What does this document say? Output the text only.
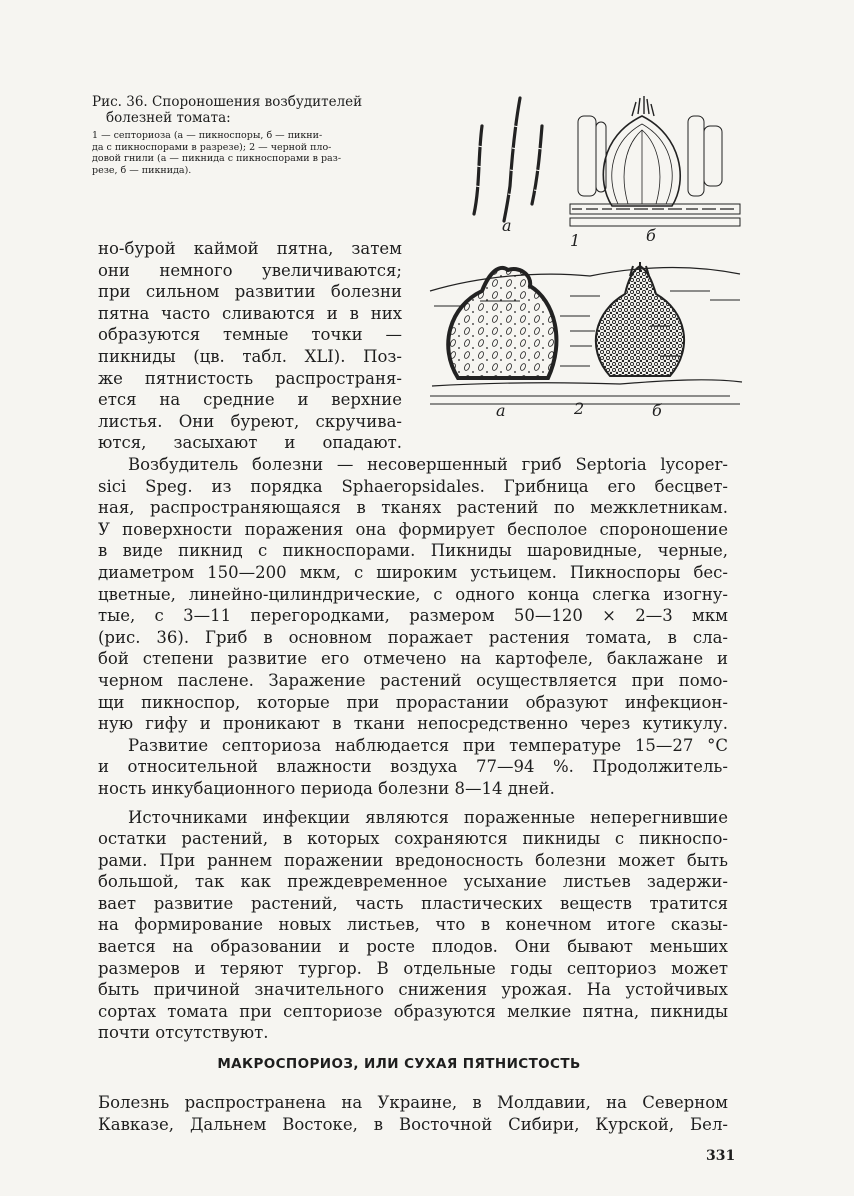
Рис. 36. Спороношения возбудителей
болезней томата:
1 — септориоза (а — пикноспоры, б — пикни-
да с пикноспорами в разрезе); 2 — черной пло-
довой гнили (а — пикнида с пикноспорами в раз-
резе, б — пикнида).
а
1	б
а	2	б
но-бурой каймой пятна, затем
они немного увеличиваются;
при сильном развитии болезни
пятна часто сливаются и в них
образуются темные точки —
пикниды (цв. табл. XLI). Поз-
же пятнистость распространя-
ется на средние и верхние
листья. Они буреют, скручива-
ются, засыхают и опадают.
Возбудитель болезни — несовершенный гриб Septoria lycoper-
sici Speg. из порядка Sphaeropsidales. Грибница его бесцвет-
ная, распространяющаяся в тканях растений по межклетникам.
У поверхности поражения она формирует бесполое спороношение
в виде пикнид с пикноспорами. Пикниды шаровидные, черные,
диаметром 150—200 мкм, с широким устьицем. Пикноспоры бес-
цветные, линейно-цилиндрические, с одного конца слегка изогну-
тые, с 3—11 перегородками, размером 50—120 × 2—3 мкм
(рис. 36). Гриб в основном поражает растения томата, в сла-
бой степени развитие его отмечено на картофеле, баклажане и
черном паслене. Заражение растений осуществляется при помо-
щи пикноспор, которые при прорастании образуют инфекцион-
ную гифу и проникают в ткани непосредственно через кутикулу.
Развитие септориоза наблюдается при температуре 15—27 °С
и относительной влажности воздуха 77—94 %. Продолжитель-
ность инкубационного периода болезни 8—14 дней.
Источниками инфекции являются пораженные неперегнившие
остатки растений, в которых сохраняются пикниды с пикноспо-
рами. При раннем поражении вредоносность болезни может быть
большой, так как преждевременное усыхание листьев задержи-
вает развитие растений, часть пластических веществ тратится
на формирование новых листьев, что в конечном итоге сказы-
вается на образовании и росте плодов. Они бывают меньших
размеров и теряют тургор. В отдельные годы септориоз может
быть причиной значительного снижения урожая. На устойчивых
сортах томата при септориозе образуются мелкие пятна, пикниды
почти отсутствуют.
МАКРОСПОРИОЗ, ИЛИ СУХАЯ ПЯТНИСТОСТЬ
Болезнь распространена на Украине, в Молдавии, на Северном
Кавказе, Дальнем Востоке, в Восточной Сибири, Курской, Бел-
331
